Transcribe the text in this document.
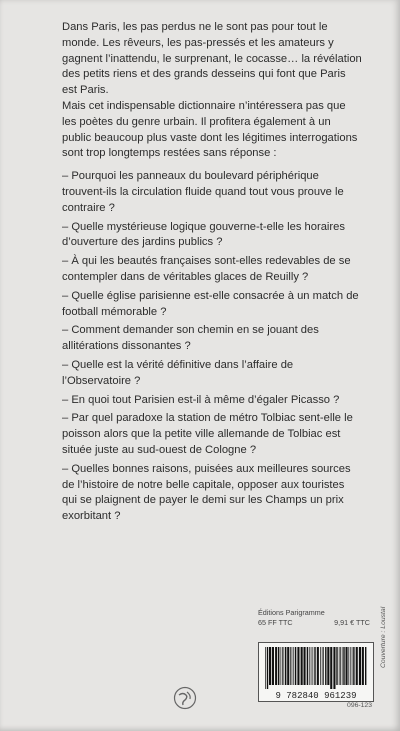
Dans Paris, les pas perdus ne le sont pas pour tout le monde. Les rêveurs, les pas-pressés et les amateurs y gagnent l’inattendu, le surprenant, le cocasse… la révélation des petits riens et des grands desseins qui font que Paris est Paris.

Mais cet indispensable dictionnaire n’intéressera pas que les poètes du genre urbain. Il profitera également à un public beaucoup plus vaste dont les légitimes interrogations sont trop longtemps restées sans réponse :

– Pourquoi les panneaux du boulevard périphérique trouvent-ils la circulation fluide quand tout vous prouve le contraire ?

– Quelle mystérieuse logique gouverne-t-elle les horaires d’ouverture des jardins publics ?

– À qui les beautés françaises sont-elles redevables de se contempler dans de véritables glaces de Reuilly ?

– Quelle église parisienne est-elle consacrée à un match de football mémorable ?

– Comment demander son chemin en se jouant des allitérations dissonantes ?

– Quelle est la vérité définitive dans l’affaire de l’Observatoire ?

– En quoi tout Parisien est-il à même d’égaler Picasso ?

– Par quel paradoxe la station de métro Tolbiac sent-elle le poisson alors que la petite ville allemande de Tolbiac est située juste au sud-ouest de Cologne ?

– Quelles bonnes raisons, puisées aux meilleures sources de l’histoire de notre belle capitale, opposer aux touristes qui se plaignent de payer le demi sur les Champs un prix exorbitant ?

Éditions Parigramme
65 FF TTC	9,91 € TTC
9 782840 961239
096-123
Couverture : Loustal
